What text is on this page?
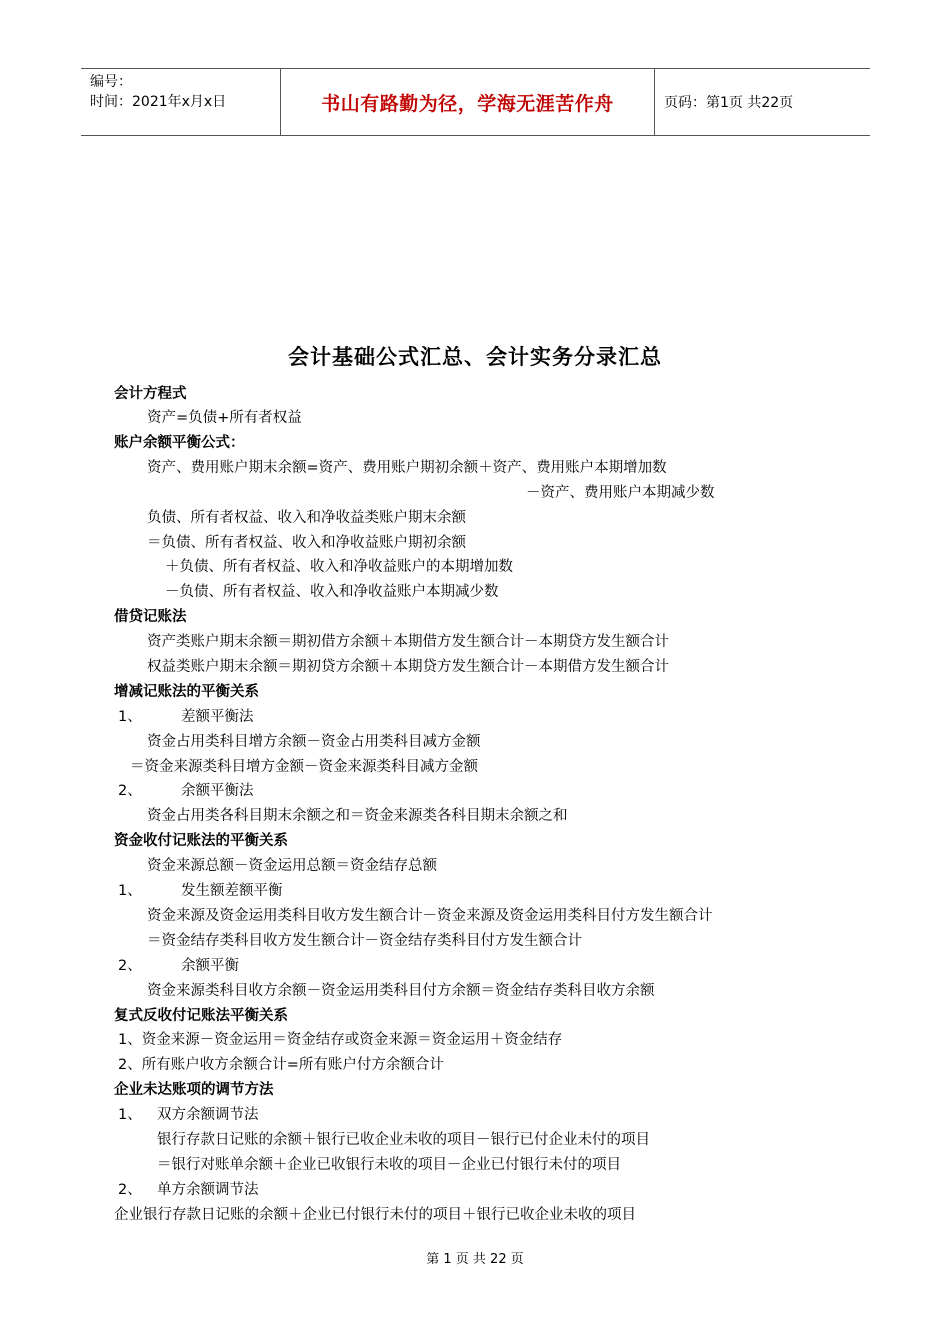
编号：
时间：2021年x月x日	书山有路勤为径，学海无涯苦作舟	页码：第1页 共22页
会计基础公式汇总、会计实务分录汇总
会计方程式
资产=负债+所有者权益
账户余额平衡公式：
资产、费用账户期末余额=资产、费用账户期初余额＋资产、费用账户本期增加数
－资产、费用账户本期减少数
负债、所有者权益、收入和净收益类账户期末余额
＝负债、所有者权益、收入和净收益账户期初余额
＋负债、所有者权益、收入和净收益账户的本期增加数
－负债、所有者权益、收入和净收益账户本期减少数
借贷记账法
资产类账户期末余额＝期初借方余额＋本期借方发生额合计－本期贷方发生额合计
权益类账户期末余额＝期初贷方余额＋本期贷方发生额合计－本期借方发生额合计
增减记账法的平衡关系
1、	差额平衡法
资金占用类科目增方余额－资金占用类科目减方金额
＝资金来源类科目增方金额－资金来源类科目减方金额
2、	余额平衡法
资金占用类各科目期末余额之和＝资金来源类各科目期末余额之和
资金收付记账法的平衡关系
资金来源总额－资金运用总额＝资金结存总额
1、	发生额差额平衡
资金来源及资金运用类科目收方发生额合计－资金来源及资金运用类科目付方发生额合计
＝资金结存类科目收方发生额合计－资金结存类科目付方发生额合计
2、	余额平衡
资金来源类科目收方余额－资金运用类科目付方余额＝资金结存类科目收方余额
复式反收付记账法平衡关系
1、资金来源－资金运用＝资金结存或资金来源＝资金运用＋资金结存
2、所有账户收方余额合计=所有账户付方余额合计
企业未达账项的调节方法
1、 双方余额调节法
银行存款日记账的余额＋银行已收企业未收的项目－银行已付企业未付的项目
＝银行对账单余额＋企业已收银行未收的项目－企业已付银行未付的项目
2、 单方余额调节法
企业银行存款日记账的余额＋企业已付银行未付的项目＋银行已收企业未收的项目
第 1 页 共 22 页
